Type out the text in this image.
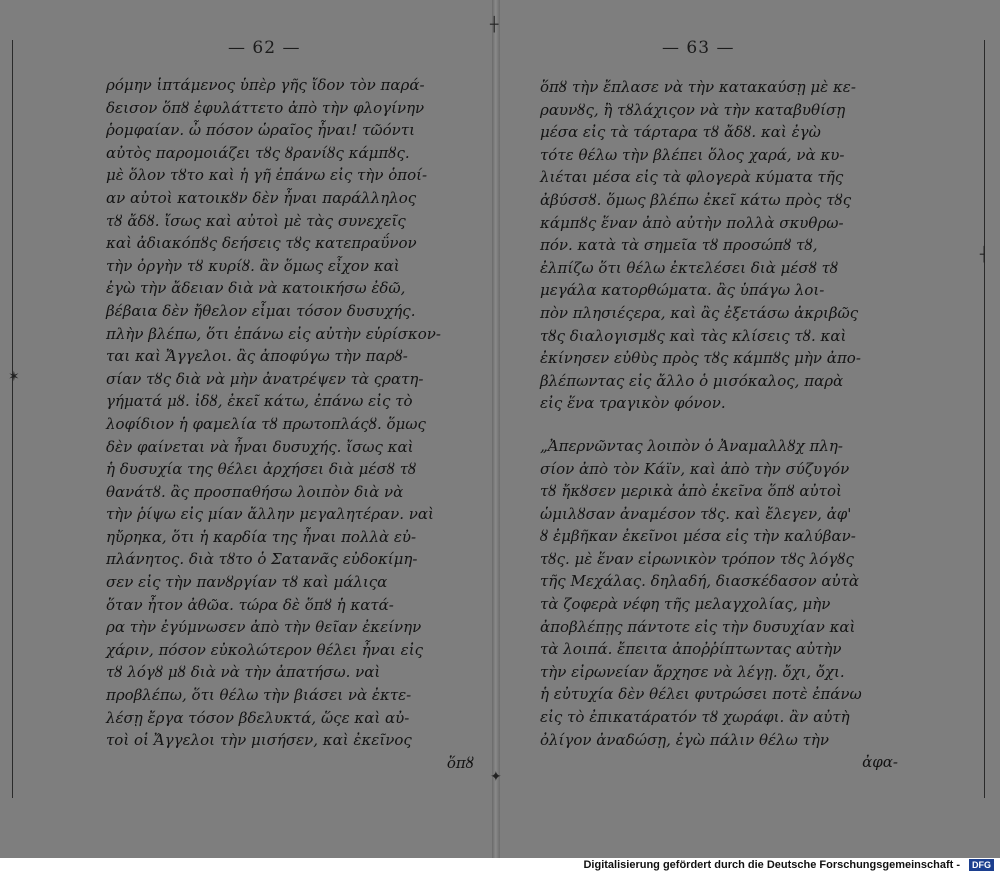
— 62 —
ρόμην ἱπτάμενος ὑπὲρ γῆς ἴδον τὸν παρά-
δεισον ὅπȣ ἐφυλάττετο ἀπὸ τὴν φλογίνην
ῥομφαίαν. ὦ πόσον ὡραῖος ἦναι! τῶόντι
αὐτὸς παρομοιάζει τȣς ȣρανίȣς κάμπȣς.
μὲ ὅλον τȣτο καὶ ἡ γῆ ἐπάνω εἰς τὴν ὁποί-
αν αὐτοὶ κατοικȣν δὲν ἦναι παράλληλος
τȣ ἄδȣ. ἴσως καὶ αὐτοὶ μὲ τὰς συνεχεῖς
καὶ ἀδιακόπȣς δεήσεις τȣς κατεπραΰνον
τὴν ὀργὴν τȣ κυρίȣ. ἂν ὅμως εἶχον καὶ
ἐγὼ τὴν ἄδειαν διὰ νὰ κατοικήσω ἐδῶ,
βέβαια δὲν ἤθελον εἶμαι τόσον δυσυχής.
πλὴν βλέπω, ὅτι ἐπάνω εἰς αὐτὴν εὑρίσκον-
ται καὶ Ἄγγελοι. ἂς ἀποφύγω τὴν παρȣ-
σίαν τȣς διὰ νὰ μὴν ἀνατρέψεν τὰ ςρατη-
γήματά μȣ. ἰδȣ, ἐκεῖ κάτω, ἐπάνω εἰς τὸ
λοφίδιον ἡ φαμελία τȣ πρωτοπλάςȣ. ὅμως
δὲν φαίνεται νὰ ἦναι δυσυχής. ἴσως καὶ
ἡ δυσυχία της θέλει ἀρχήσει διὰ μέσȣ τȣ
θανάτȣ. ἂς προσπαθήσω λοιπὸν διὰ νὰ
τὴν ῥίψω εἰς μίαν ἄλλην μεγαλητέραν. ναὶ
ηὔρηκα, ὅτι ἡ καρδία της ἦναι πολλὰ εὐ-
πλάνητος. διὰ τȣτο ὁ Σατανᾶς εὐδοκίμη-
σεν εἰς τὴν πανȣργίαν τȣ καὶ μάλιςα
ὅταν ἦτον ἀθῶα. τώρα δὲ ὅπȣ ἡ κατά-
ρα τὴν ἐγύμνωσεν ἀπὸ τὴν θεῖαν ἐκείνην
χάριν, πόσον εὐκολώτερον θέλει ἦναι εἰς
τȣ λόγȣ μȣ διὰ νὰ τὴν ἀπατήσω. ναὶ
προβλέπω, ὅτι θέλω τὴν βιάσει νὰ ἐκτε-
λέσῃ ἔργα τόσον βδελυκτά, ὥςε καὶ αὐ-
τοὶ οἱ Ἄγγελοι τὴν μισήσεν, καὶ ἐκεῖνος
ὅπȣ
— 63 —
ὅπȣ τὴν ἔπλασε νὰ τὴν κατακαύσῃ μὲ κε-
ραυνȣς, ἢ τȣλάχιςον νὰ τὴν καταβυθίσῃ
μέσα εἰς τὰ τάρταρα τȣ ἄδȣ. καὶ ἐγὼ
τότε θέλω τὴν βλέπει ὅλος χαρά, νὰ κυ-
λιέται μέσα εἰς τὰ φλογερὰ κύματα τῆς
ἀβύσσȣ. ὅμως βλέπω ἐκεῖ κάτω πρὸς τȣς
κάμπȣς ἕναν ἀπὸ αὐτὴν πολλὰ σκυθρω-
πόν. κατὰ τὰ σημεῖα τȣ προσώπȣ τȣ,
ἐλπίζω ὅτι θέλω ἐκτελέσει διὰ μέσȣ τȣ
μεγάλα κατορθώματα. ἂς ὑπάγω λοι-
πὸν πλησιέςερα, καὶ ἂς ἐξετάσω ἀκριβῶς
τȣς διαλογισμȣς καὶ τὰς κλίσεις τȣ. καὶ
ἐκίνησεν εὐθὺς πρὸς τȣς κάμπȣς μὴν ἀπο-
βλέπωντας εἰς ἄλλο ὁ μισόκαλος, παρὰ
εἰς ἕνα τραγικὸν φόνον.
„Ἀπερνῶντας λοιπὸν ὁ Ἀναμαλλȣχ πλη-
σίον ἀπὸ τὸν Κάϊν, καὶ ἀπὸ τὴν σύζυγόν
τȣ ἤκȣσεν μερικὰ ἀπὸ ἐκεῖνα ὅπȣ αὐτοὶ
ὡμιλȣσαν ἀναμέσον τȣς. καὶ ἔλεγεν, ἀφ'
ȣ ἐμβῆκαν ἐκεῖνοι μέσα εἰς τὴν καλύβαν-
τȣς. μὲ ἕναν εἰρωνικὸν τρόπον τȣς λόγȣς
τῆς Μεχάλας. δηλαδή, διασκέδασον αὐτὰ
τὰ ζοφερὰ νέφη τῆς μελαγχολίας, μὴν
ἀποβλέπῃς πάντοτε εἰς τὴν δυσυχίαν καὶ
τὰ λοιπά. ἔπειτα ἀποῤῥίπτωντας αὐτὴν
τὴν εἰρωνείαν ἄρχησε νὰ λέγῃ. ὄχι, ὄχι.
ἡ εὐτυχία δὲν θέλει φυτρώσει ποτὲ ἐπάνω
εἰς τὸ ἐπικατάρατόν τȣ χωράφι. ἂν αὐτὴ
ὀλίγον ἀναδώσῃ, ἐγὼ πάλιν θέλω τὴν
ἀφα-
✶
┼
✦
┤
Digitalisierung gefördert durch die Deutsche Forschungsgemeinschaft -	DFG
